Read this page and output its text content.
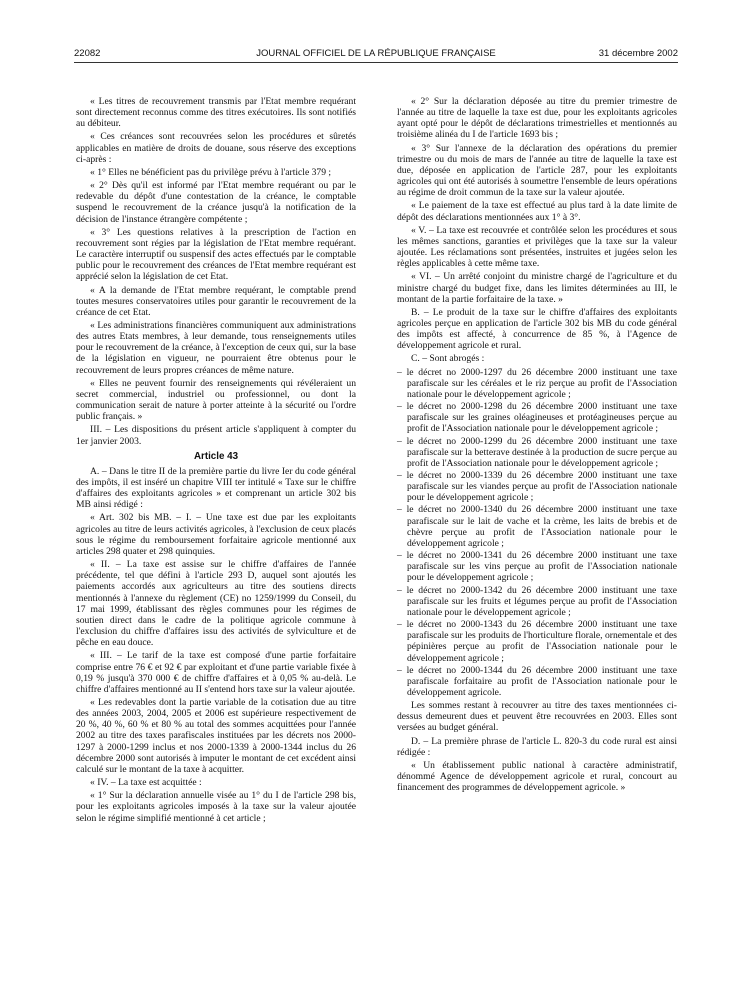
22082	JOURNAL OFFICIEL DE LA RÉPUBLIQUE FRANÇAISE	31 décembre 2002

« Les titres de recouvrement transmis par l'Etat membre requérant sont directement reconnus comme des titres exécutoires. Ils sont notifiés au débiteur.

« Ces créances sont recouvrées selon les procédures et sûretés applicables en matière de droits de douane, sous réserve des exceptions ci-après :

« 1° Elles ne bénéficient pas du privilège prévu à l'article 379 ;

« 2° Dès qu'il est informé par l'Etat membre requérant ou par le redevable du dépôt d'une contestation de la créance, le comptable suspend le recouvrement de la créance jusqu'à la notification de la décision de l'instance étrangère compétente ;

« 3° Les questions relatives à la prescription de l'action en recouvrement sont régies par la législation de l'Etat membre requérant. Le caractère interruptif ou suspensif des actes effectués par le comptable public pour le recouvrement des créances de l'Etat membre requérant est apprécié selon la législation de cet Etat.

« A la demande de l'Etat membre requérant, le comptable prend toutes mesures conservatoires utiles pour garantir le recouvrement de la créance de cet Etat.

« Les administrations financières communiquent aux administrations des autres Etats membres, à leur demande, tous renseignements utiles pour le recouvrement de la créance, à l'exception de ceux qui, sur la base de la législation en vigueur, ne pourraient être obtenus pour le recouvrement de leurs propres créances de même nature.

« Elles ne peuvent fournir des renseignements qui révéleraient un secret commercial, industriel ou professionnel, ou dont la communication serait de nature à porter atteinte à la sécurité ou l'ordre public français. »

III. – Les dispositions du présent article s'appliquent à compter du 1er janvier 2003.

Article 43

A. – Dans le titre II de la première partie du livre Ier du code général des impôts, il est inséré un chapitre VIII ter intitulé « Taxe sur le chiffre d'affaires des exploitants agricoles » et comprenant un article 302 bis MB ainsi rédigé :

« Art. 302 bis MB. – I. – Une taxe est due par les exploitants agricoles au titre de leurs activités agricoles, à l'exclusion de ceux placés sous le régime du remboursement forfaitaire agricole mentionné aux articles 298 quater et 298 quinquies.

« II. – La taxe est assise sur le chiffre d'affaires de l'année précédente, tel que défini à l'article 293 D, auquel sont ajoutés les paiements accordés aux agriculteurs au titre des soutiens directs mentionnés à l'annexe du règlement (CE) no 1259/1999 du Conseil, du 17 mai 1999, établissant des règles communes pour les régimes de soutien direct dans le cadre de la politique agricole commune à l'exclusion du chiffre d'affaires issu des activités de sylviculture et de pêche en eau douce.

« III. – Le tarif de la taxe est composé d'une partie forfaitaire comprise entre 76 € et 92 € par exploitant et d'une partie variable fixée à 0,19 % jusqu'à 370 000 € de chiffre d'affaires et à 0,05 % au-delà. Le chiffre d'affaires mentionné au II s'entend hors taxe sur la valeur ajoutée.

« Les redevables dont la partie variable de la cotisation due au titre des années 2003, 2004, 2005 et 2006 est supérieure respectivement de 20 %, 40 %, 60 % et 80 % au total des sommes acquittées pour l'année 2002 au titre des taxes parafiscales instituées par les décrets nos 2000-1297 à 2000-1299 inclus et nos 2000-1339 à 2000-1344 inclus du 26 décembre 2000 sont autorisés à imputer le montant de cet excédent ainsi calculé sur le montant de la taxe à acquitter.

« IV. – La taxe est acquittée :

« 1° Sur la déclaration annuelle visée au 1° du I de l'article 298 bis, pour les exploitants agricoles imposés à la taxe sur la valeur ajoutée selon le régime simplifié mentionné à cet article ;

« 2° Sur la déclaration déposée au titre du premier trimestre de l'année au titre de laquelle la taxe est due, pour les exploitants agricoles ayant opté pour le dépôt de déclarations trimestrielles et mentionnés au troisième alinéa du I de l'article 1693 bis ;

« 3° Sur l'annexe de la déclaration des opérations du premier trimestre ou du mois de mars de l'année au titre de laquelle la taxe est due, déposée en application de l'article 287, pour les exploitants agricoles qui ont été autorisés à soumettre l'ensemble de leurs opérations au régime de droit commun de la taxe sur la valeur ajoutée.

« Le paiement de la taxe est effectué au plus tard à la date limite de dépôt des déclarations mentionnées aux 1° à 3°.

« V. – La taxe est recouvrée et contrôlée selon les procédures et sous les mêmes sanctions, garanties et privilèges que la taxe sur la valeur ajoutée. Les réclamations sont présentées, instruites et jugées selon les règles applicables à cette même taxe.

« VI. – Un arrêté conjoint du ministre chargé de l'agriculture et du ministre chargé du budget fixe, dans les limites déterminées au III, le montant de la partie forfaitaire de la taxe. »

B. – Le produit de la taxe sur le chiffre d'affaires des exploitants agricoles perçue en application de l'article 302 bis MB du code général des impôts est affecté, à concurrence de 85 %, à l'Agence de développement agricole et rural.

C. – Sont abrogés :

– le décret no 2000-1297 du 26 décembre 2000 instituant une taxe parafiscale sur les céréales et le riz perçue au profit de l'Association nationale pour le développement agricole ;
– le décret no 2000-1298 du 26 décembre 2000 instituant une taxe parafiscale sur les graines oléagineuses et protéagineuses perçue au profit de l'Association nationale pour le développement agricole ;
– le décret no 2000-1299 du 26 décembre 2000 instituant une taxe parafiscale sur la betterave destinée à la production de sucre perçue au profit de l'Association nationale pour le développement agricole ;
– le décret no 2000-1339 du 26 décembre 2000 instituant une taxe parafiscale sur les viandes perçue au profit de l'Association nationale pour le développement agricole ;
– le décret no 2000-1340 du 26 décembre 2000 instituant une taxe parafiscale sur le lait de vache et la crème, les laits de brebis et de chèvre perçue au profit de l'Association nationale pour le développement agricole ;
– le décret no 2000-1341 du 26 décembre 2000 instituant une taxe parafiscale sur les vins perçue au profit de l'Association nationale pour le développement agricole ;
– le décret no 2000-1342 du 26 décembre 2000 instituant une taxe parafiscale sur les fruits et légumes perçue au profit de l'Association nationale pour le développement agricole ;
– le décret no 2000-1343 du 26 décembre 2000 instituant une taxe parafiscale sur les produits de l'horticulture florale, ornementale et des pépinières perçue au profit de l'Association nationale pour le développement agricole ;
– le décret no 2000-1344 du 26 décembre 2000 instituant une taxe parafiscale forfaitaire au profit de l'Association nationale pour le développement agricole.

Les sommes restant à recouvrer au titre des taxes mentionnées ci-dessus demeurent dues et peuvent être recouvrées en 2003. Elles sont versées au budget général.

D. – La première phrase de l'article L. 820-3 du code rural est ainsi rédigée :

« Un établissement public national à caractère administratif, dénommé Agence de développement agricole et rural, concourt au financement des programmes de développement agricole. »
